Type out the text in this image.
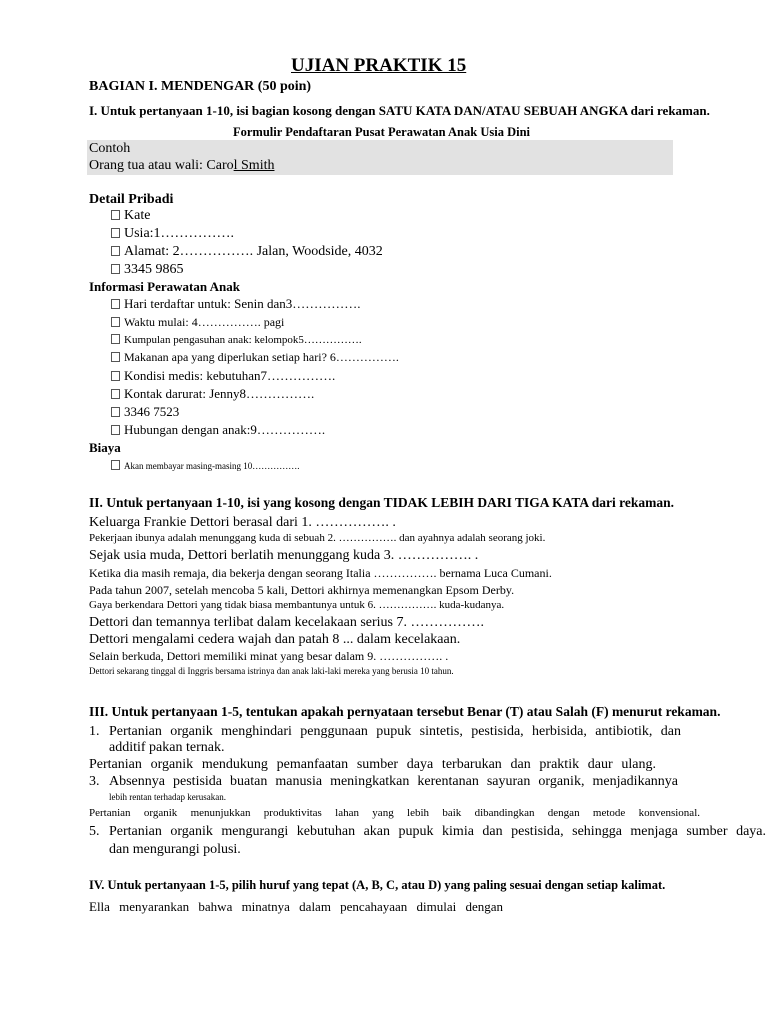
UJIAN PRAKTIK 15
BAGIAN I. MENDENGAR (50 poin)
I. Untuk pertanyaan 1-10, isi bagian kosong dengan SATU KATA DAN/ATAU SEBUAH ANGKA dari rekaman.
Formulir Pendaftaran Pusat Perawatan Anak Usia Dini
Contoh
Orang tua atau wali: Carol Smith
Detail Pribadi
Kate
Usia:1…………….
Alamat: 2……………. Jalan, Woodside, 4032
3345 9865
Informasi Perawatan Anak
Hari terdaftar untuk: Senin dan3…………….
Waktu mulai: 4……………. pagi
Kumpulan pengasuhan anak: kelompok5…………….
Makanan apa yang diperlukan setiap hari? 6…………….
Kondisi medis: kebutuhan7…………….
Kontak darurat: Jenny8…………….
3346 7523
Hubungan dengan anak:9…………….
Biaya
Akan membayar masing-masing 10…………….
II. Untuk pertanyaan 1-10, isi yang kosong dengan TIDAK LEBIH DARI TIGA KATA dari rekaman.
Keluarga Frankie Dettori berasal dari 1. ……………. .
Pekerjaan ibunya adalah menunggang kuda di sebuah 2. ……………. dan ayahnya adalah seorang joki.
Sejak usia muda, Dettori berlatih menunggang kuda 3. ……………. .
Ketika dia masih remaja, dia bekerja dengan seorang Italia ……………. bernama Luca Cumani.
Pada tahun 2007, setelah mencoba 5 kali, Dettori akhirnya memenangkan Epsom Derby.
Gaya berkendara Dettori yang tidak biasa membantunya untuk 6. ……………. kuda-kudanya.
Dettori dan temannya terlibat dalam kecelakaan serius 7. …………….
Dettori mengalami cedera wajah dan patah 8 ... dalam kecelakaan.
Selain berkuda, Dettori memiliki minat yang besar dalam 9. ……………. .
Dettori sekarang tinggal di Inggris bersama istrinya dan anak laki-laki mereka yang berusia 10 tahun.
III. Untuk pertanyaan 1-5, tentukan apakah pernyataan tersebut Benar (T) atau Salah (F) menurut rekaman.
1. Pertanian organik menghindari penggunaan pupuk sintetis, pestisida, herbisida, antibiotik, dan
additif pakan ternak.
Pertanian organik mendukung pemanfaatan sumber daya terbarukan dan praktik daur ulang.
3. Absennya pestisida buatan manusia meningkatkan kerentanan sayuran organik, menjadikannya
lebih rentan terhadap kerusakan.
Pertanian organik menunjukkan produktivitas lahan yang lebih baik dibandingkan dengan metode konvensional.
5. Pertanian organik mengurangi kebutuhan akan pupuk kimia dan pestisida, sehingga menjaga sumber daya.
dan mengurangi polusi.
IV. Untuk pertanyaan 1-5, pilih huruf yang tepat (A, B, C, atau D) yang paling sesuai dengan setiap kalimat.
Ella menyarankan bahwa minatnya dalam pencahayaan dimulai dengan
